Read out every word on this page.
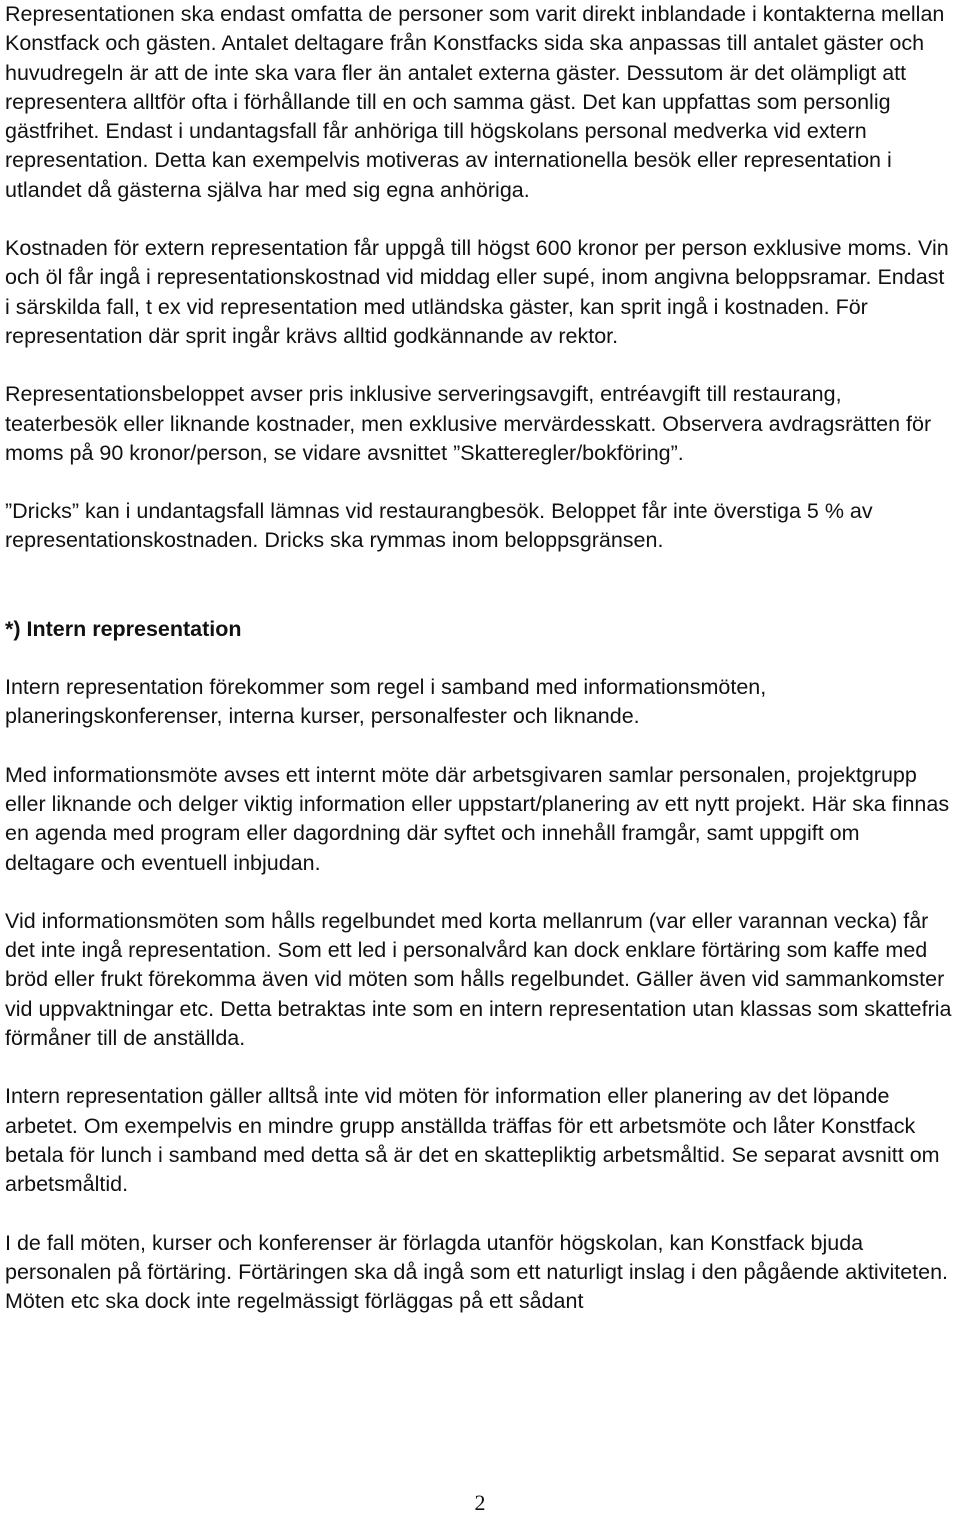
Representationen ska endast omfatta de personer som varit direkt inblandade i kontakterna mellan Konstfack och gästen. Antalet deltagare från Konstfacks sida ska anpassas till antalet gäster och huvudregeln är att de inte ska vara fler än antalet externa gäster. Dessutom är det olämpligt att representera alltför ofta i förhållande till en och samma gäst. Det kan uppfattas som personlig gästfrihet. Endast i undantagsfall får anhöriga till högskolans personal medverka vid extern representation. Detta kan exempelvis motiveras av internationella besök eller representation i utlandet då gästerna själva har med sig egna anhöriga.

Kostnaden för extern representation får uppgå till högst 600 kronor per person exklusive moms. Vin och öl får ingå i representationskostnad vid middag eller supé, inom angivna beloppsramar. Endast i särskilda fall, t ex vid representation med utländska gäster, kan sprit ingå i kostnaden. För representation där sprit ingår krävs alltid godkännande av rektor.

Representationsbeloppet avser pris inklusive serveringsavgift, entréavgift till restaurang, teaterbesök eller liknande kostnader, men exklusive mervärdesskatt. Observera avdragsrätten för moms på 90 kronor/person, se vidare avsnittet ”Skatteregler/bokföring”.

”Dricks” kan i undantagsfall lämnas vid restaurangbesök. Beloppet får inte överstiga 5 % av representationskostnaden. Dricks ska rymmas inom beloppsgränsen.

*) Intern representation

Intern representation förekommer som regel i samband med informationsmöten, planeringskonferenser, interna kurser, personalfester och liknande.

Med informationsmöte avses ett internt möte där arbetsgivaren samlar personalen, projektgrupp eller liknande och delger viktig information eller uppstart/planering av ett nytt projekt. Här ska finnas en agenda med program eller dagordning där syftet och innehåll framgår, samt uppgift om deltagare och eventuell inbjudan.

Vid informationsmöten som hålls regelbundet med korta mellanrum (var eller varannan vecka) får det inte ingå representation. Som ett led i personalvård kan dock enklare förtäring som kaffe med bröd eller frukt förekomma även vid möten som hålls regelbundet. Gäller även vid sammankomster vid uppvaktningar etc. Detta betraktas inte som en intern representation utan klassas som skattefria förmåner till de anställda.

Intern representation gäller alltså inte vid möten för information eller planering av det löpande arbetet. Om exempelvis en mindre grupp anställda träffas för ett arbetsmöte och låter Konstfack betala för lunch i samband med detta så är det en skattepliktig arbetsmåltid. Se separat avsnitt om arbetsmåltid.

I de fall möten, kurser och konferenser är förlagda utanför högskolan, kan Konstfack bjuda personalen på förtäring. Förtäringen ska då ingå som ett naturligt inslag i den pågående aktiviteten. Möten etc ska dock inte regelmässigt förläggas på ett sådant

2
